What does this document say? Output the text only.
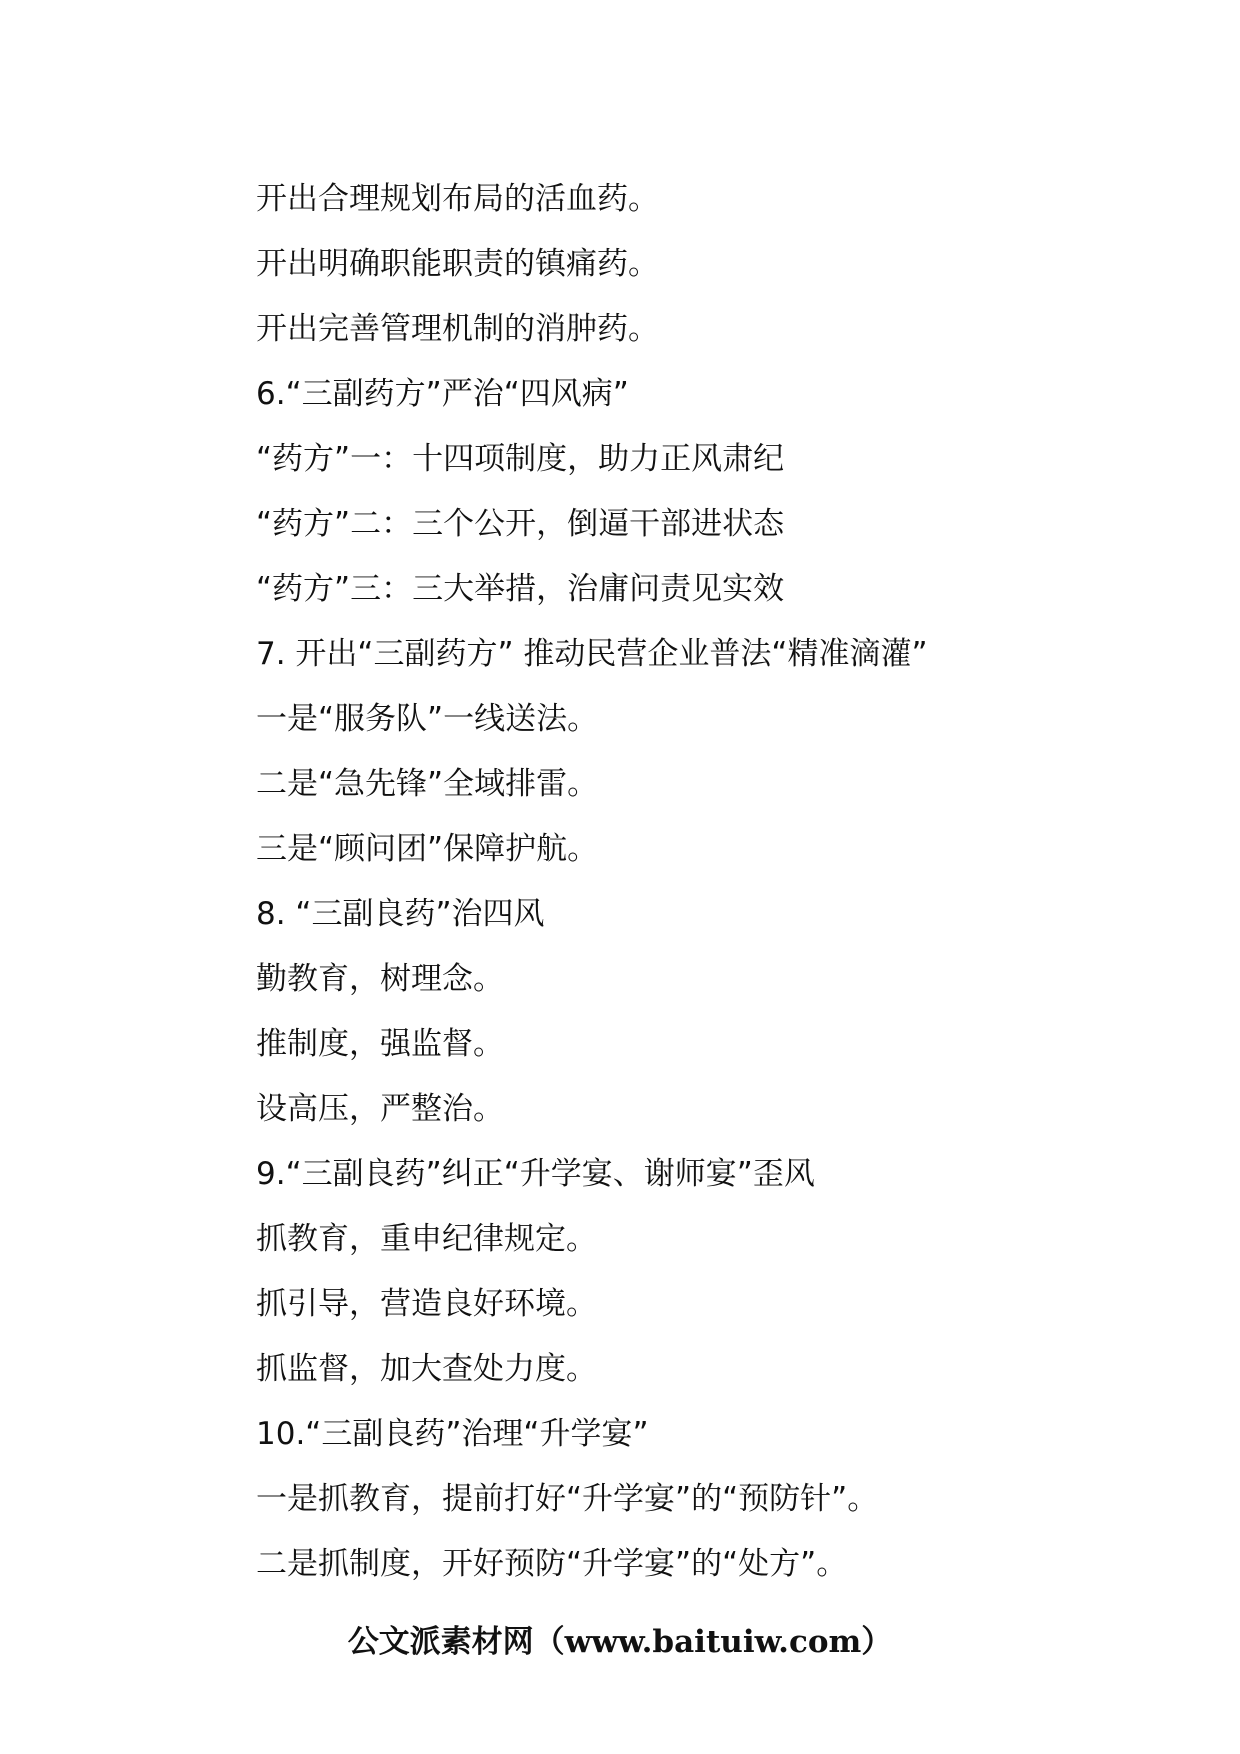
开出合理规划布局的活血药。
开出明确职能职责的镇痛药。
开出完善管理机制的消肿药。
6.“三副药方”严治“四风病”
“药方”一：十四项制度，助力正风肃纪
“药方”二：三个公开，倒逼干部进状态
“药方”三：三大举措，治庸问责见实效
7. 开出“三副药方” 推动民营企业普法“精准滴灌”
一是“服务队”一线送法。
二是“急先锋”全域排雷。
三是“顾问团”保障护航。
8. “三副良药”治四风
勤教育，树理念。
推制度，强监督。
设高压，严整治。
9.“三副良药”纠正“升学宴、谢师宴”歪风
抓教育，重申纪律规定。
抓引导，营造良好环境。
抓监督，加大查处力度。
10.“三副良药”治理“升学宴”
一是抓教育，提前打好“升学宴”的“预防针”。
二是抓制度，开好预防“升学宴”的“处方”。
公文派素材网（www.baituiw.com）
